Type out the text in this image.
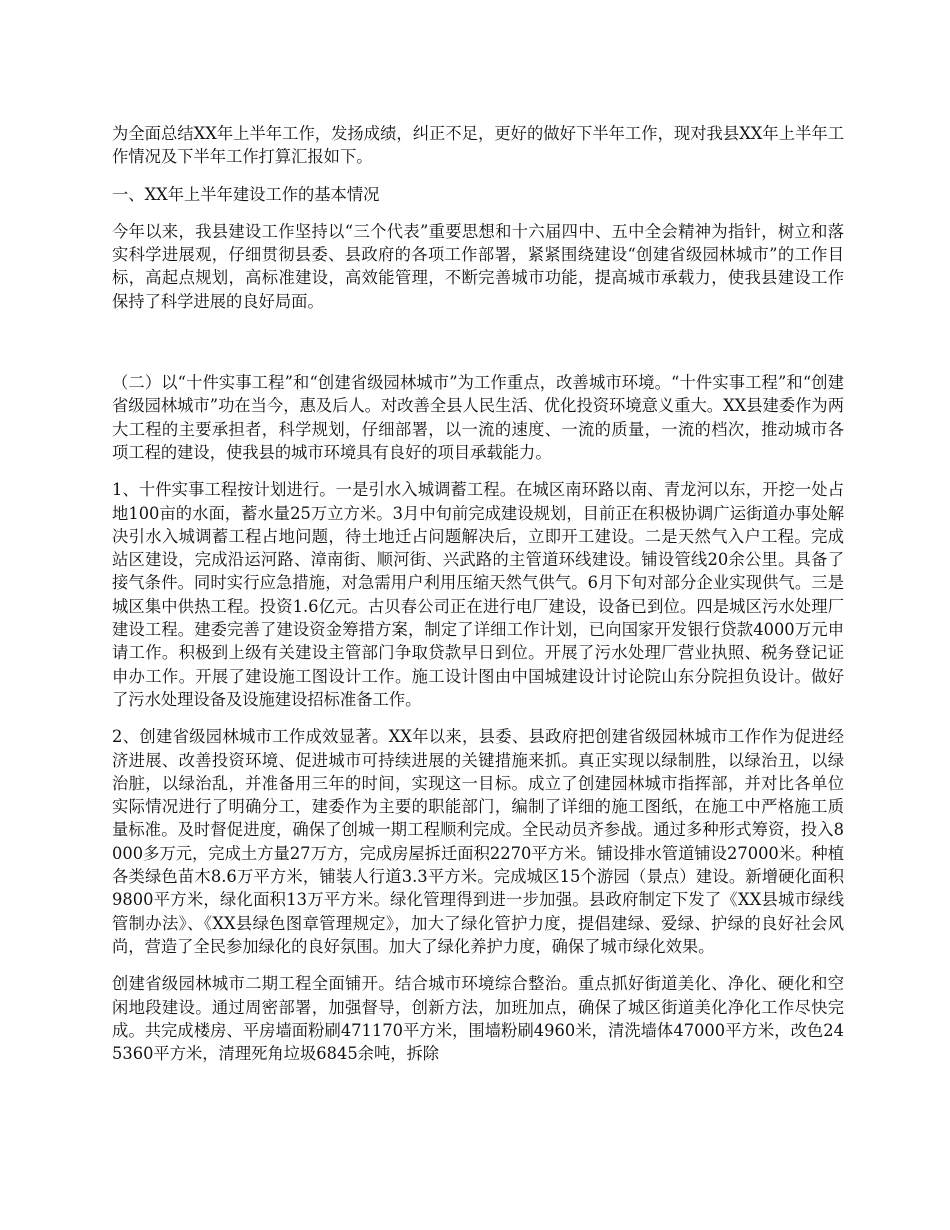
为全面总结XX年上半年工作，发扬成绩，纠正不足，更好的做好下半年工作，现对我县XX年上半年工作情况及下半年工作打算汇报如下。

一、XX年上半年建设工作的基本情况

今年以来，我县建设工作坚持以“三个代表”重要思想和十六届四中、五中全会精神为指针，树立和落实科学进展观，仔细贯彻县委、县政府的各项工作部署，紧紧围绕建设“创建省级园林城市”的工作目标，高起点规划，高标准建设，高效能管理，不断完善城市功能，提高城市承载力，使我县建设工作保持了科学进展的良好局面。

（二）以“十件实事工程”和“创建省级园林城市”为工作重点，改善城市环境。“十件实事工程”和“创建省级园林城市”功在当今，惠及后人。对改善全县人民生活、优化投资环境意义重大。XX县建委作为两大工程的主要承担者，科学规划，仔细部署，以一流的速度、一流的质量，一流的档次，推动城市各项工程的建设，使我县的城市环境具有良好的项目承载能力。

1、十件实事工程按计划进行。一是引水入城调蓄工程。在城区南环路以南、青龙河以东，开挖一处占地100亩的水面，蓄水量25万立方米。3月中旬前完成建设规划，目前正在积极协调广运街道办事处解决引水入城调蓄工程占地问题，待土地迁占问题解决后，立即开工建设。二是天然气入户工程。完成站区建设，完成沿运河路、漳南街、顺河街、兴武路的主管道环线建设。铺设管线20余公里。具备了接气条件。同时实行应急措施，对急需用户利用压缩天然气供气。6月下旬对部分企业实现供气。三是城区集中供热工程。投资1.6亿元。古贝春公司正在进行电厂建设，设备已到位。四是城区污水处理厂建设工程。建委完善了建设资金筹措方案，制定了详细工作计划，已向国家开发银行贷款4000万元申请工作。积极到上级有关建设主管部门争取贷款早日到位。开展了污水处理厂营业执照、税务登记证申办工作。开展了建设施工图设计工作。施工设计图由中国城建设计讨论院山东分院担负设计。做好了污水处理设备及设施建设招标准备工作。

2、创建省级园林城市工作成效显著。XX年以来，县委、县政府把创建省级园林城市工作作为促进经济进展、改善投资环境、促进城市可持续进展的关键措施来抓。真正实现以绿制胜，以绿治丑，以绿治脏，以绿治乱，并准备用三年的时间，实现这一目标。成立了创建园林城市指挥部，并对比各单位实际情况进行了明确分工，建委作为主要的职能部门，编制了详细的施工图纸，在施工中严格施工质量标准。及时督促进度，确保了创城一期工程顺利完成。全民动员齐参战。通过多种形式筹资，投入8000多万元，完成土方量27万方，完成房屋拆迁面积2270平方米。铺设排水管道铺设27000米。种植各类绿色苗木8.6万平方米，铺装人行道3.3平方米。完成城区15个游园（景点）建设。新增硬化面积9800平方米，绿化面积13万平方米。绿化管理得到进一步加强。县政府制定下发了《XX县城市绿线管制办法》、《XX县绿色图章管理规定》，加大了绿化管护力度，提倡建绿、爱绿、护绿的良好社会风尚，营造了全民参加绿化的良好氛围。加大了绿化养护力度，确保了城市绿化效果。

创建省级园林城市二期工程全面铺开。结合城市环境综合整治。重点抓好街道美化、净化、硬化和空闲地段建设。通过周密部署，加强督导，创新方法，加班加点，确保了城区街道美化净化工作尽快完成。共完成楼房、平房墙面粉刷471170平方米，围墙粉刷4960米，清洗墙体47000平方米，改色245360平方米，清理死角垃圾6845余吨，拆除
